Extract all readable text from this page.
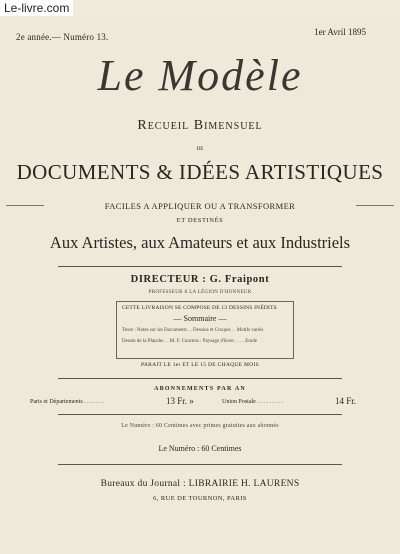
Le-livre.com
2e année.— Numéro 13.	1er Avril 1895
Le Modèle
Recueil Bimensuel
de
DOCUMENTS & IDÉES ARTISTIQUES
FACILES A APPLIQUER OU A TRANSFORMER
ET DESTINÉS
Aux Artistes, aux Amateurs et aux Industriels
DIRECTEUR : G. Fraipont
PROFESSEUR A LA LÉGION D'HONNEUR
CETTE LIVRAISON SE COMPOSE DE 13 DESSINS INÉDITS
— Sommaire —
Texte : Notes sur les Documents . . Dessins et Croquis . . Motifs variés
Dessin de la Planche . . M. F. Courtois : Paysage d'hiver . . . . Etude
PARAIT LE 1er ET LE 15 DE CHAQUE MOIS
ABONNEMENTS PAR AN
Paris et Départements . . . . . . .	13 Fr. »	Union Postale . . . . . . . . .	14 Fr.
Le Numéro : 60 Centimes avec primes gratuites aux abonnés
Le Numéro : 60 Centimes
Bureaux du Journal : LIBRAIRIE H. LAURENS
6, RUE DE TOURNON, PARIS
